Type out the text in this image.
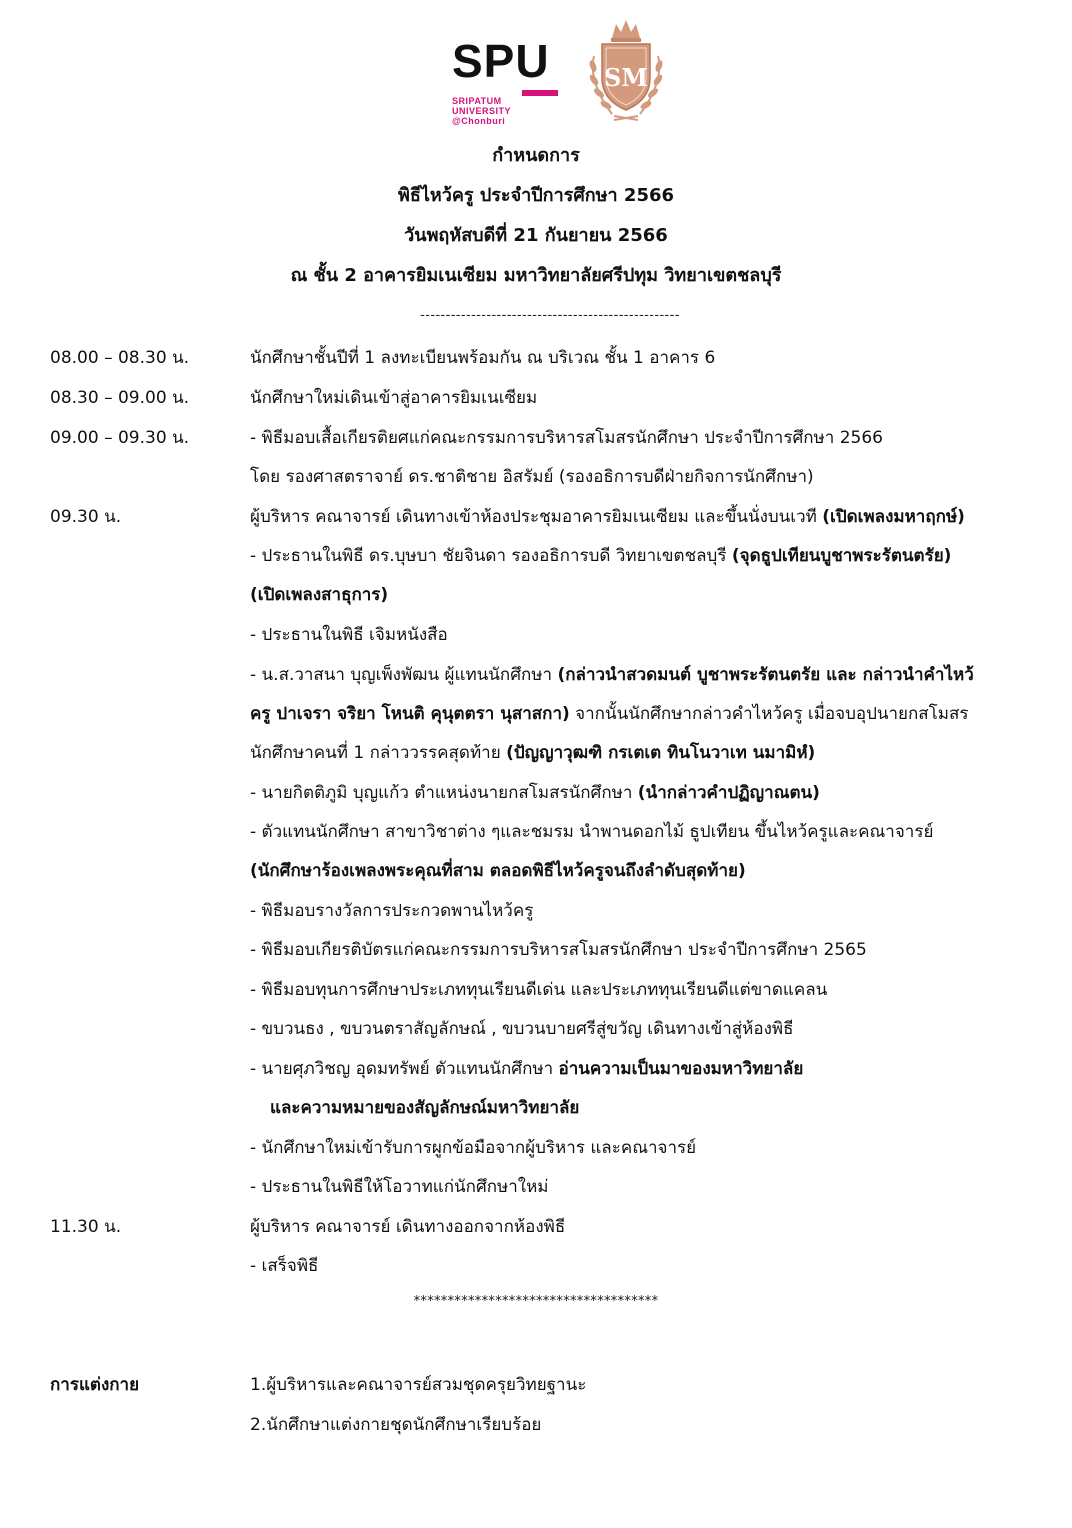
SPU
SRIPATUM
UNIVERSITY
@Chonburi
SM
กำหนดการ
พิธีไหว้ครู ประจำปีการศึกษา 2566
วันพฤหัสบดีที่ 21 กันยายน 2566
ณ ชั้น 2 อาคารยิมเนเซียม มหาวิทยาลัยศรีปทุม วิทยาเขตชลบุรี
---------------------------------------------------
08.00 – 08.30 น.	นักศึกษาชั้นปีที่ 1 ลงทะเบียนพร้อมกัน ณ บริเวณ ชั้น 1 อาคาร 6
08.30 – 09.00 น.	นักศึกษาใหม่เดินเข้าสู่อาคารยิมเนเซียม
09.00 – 09.30 น.	- พิธีมอบเสื้อเกียรติยศแก่คณะกรรมการบริหารสโมสรนักศึกษา ประจำปีการศึกษา 2566
โดย รองศาสตราจาย์ ดร.ชาติชาย อิสรัมย์ (รองอธิการบดีฝ่ายกิจการนักศึกษา)
09.30 น.	ผู้บริหาร คณาจารย์ เดินทางเข้าห้องประชุมอาคารยิมเนเซียม และขึ้นนั่งบนเวที (เปิดเพลงมหาฤกษ์)
- ประธานในพิธี ดร.บุษบา ชัยจินดา รองอธิการบดี วิทยาเขตชลบุรี (จุดธูปเทียนบูชาพระรัตนตรัย)
(เปิดเพลงสาธุการ)
- ประธานในพิธี เจิมหนังสือ
- น.ส.วาสนา บุญเพ็งพัฒน ผู้แทนนักศึกษา (กล่าวนำสวดมนต์ บูชาพระรัตนตรัย และ กล่าวนำคำไหว้
ครู ปาเจรา จริยา โหนติ คุนุตตรา นุสาสกา) จากนั้นนักศึกษากล่าวคำไหว้ครู เมื่อจบอุปนายกสโมสร
นักศึกษาคนที่ 1 กล่าววรรคสุดท้าย (ปัญญาวุฒฑิ กรเตเต ทินโนวาเท นมามิหํ)
- นายกิตติภูมิ บุญแก้ว ตำแหน่งนายกสโมสรนักศึกษา (นำกล่าวคำปฏิญาณตน)
- ตัวแทนนักศึกษา สาขาวิชาต่าง ๆและชมรม นำพานดอกไม้ ธูปเทียน ขึ้นไหว้ครูและคณาจารย์
(นักศึกษาร้องเพลงพระคุณที่สาม ตลอดพิธีไหว้ครูจนถึงลำดับสุดท้าย)
- พิธีมอบรางวัลการประกวดพานไหว้ครู
- พิธีมอบเกียรติบัตรแก่คณะกรรมการบริหารสโมสรนักศึกษา ประจำปีการศึกษา 2565
- พิธีมอบทุนการศึกษาประเภททุนเรียนดีเด่น และประเภททุนเรียนดีแต่ขาดแคลน
- ขบวนธง , ขบวนตราสัญลักษณ์ , ขบวนบายศรีสู่ขวัญ เดินทางเข้าสู่ห้องพิธี
- นายศุภวิชญ อุดมทรัพย์ ตัวแทนนักศึกษา อ่านความเป็นมาของมหาวิทยาลัย
และความหมายของสัญลักษณ์มหาวิทยาลัย
- นักศึกษาใหม่เข้ารับการผูกข้อมือจากผู้บริหาร และคณาจารย์
- ประธานในพิธีให้โอวาทแก่นักศึกษาใหม่
11.30 น.	ผู้บริหาร คณาจารย์ เดินทางออกจากห้องพิธี
- เสร็จพิธี
************************************
การแต่งกาย	1.ผู้บริหารและคณาจารย์สวมชุดครุยวิทยฐานะ
2.นักศึกษาแต่งกายชุดนักศึกษาเรียบร้อย
